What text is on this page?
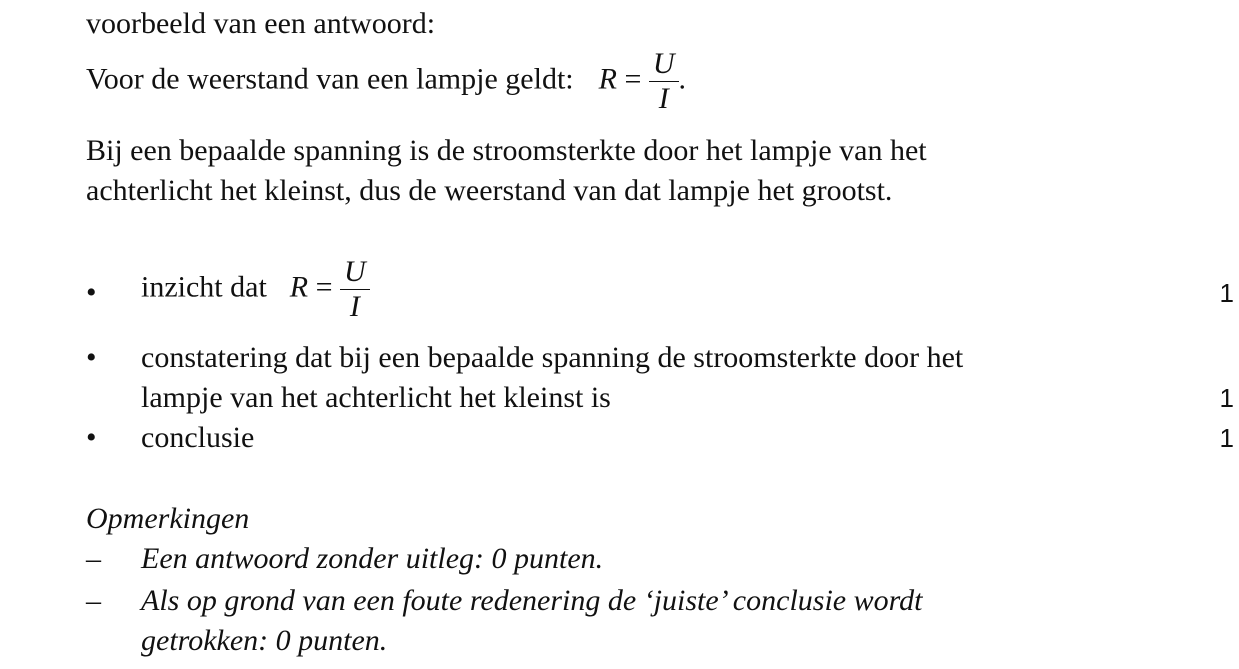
voorbeeld van een antwoord:
Voor de weerstand van een lampje geldt: $R = \frac{U}{I}$ .
Bij een bepaalde spanning is de stroomsterkte door het lampje van het
achterlicht het kleinst, dus de weerstand van dat lampje het grootst.
• inzicht dat $R = \frac{U}{I}$	1
• constatering dat bij een bepaalde spanning de stroomsterkte door het
lampje van het achterlicht het kleinst is	1
• conclusie	1
Opmerkingen
– Een antwoord zonder uitleg: 0 punten.
– Als op grond van een foute redenering de ‘juiste’ conclusie wordt
getrokken: 0 punten.
